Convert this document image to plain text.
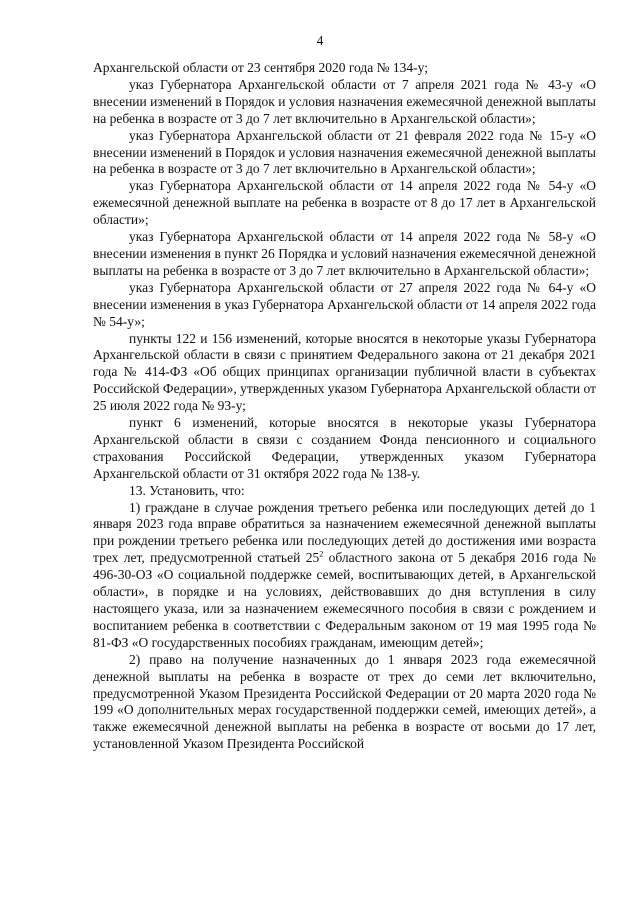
4

Архангельской области от 23 сентября 2020 года № 134-у;

указ Губернатора Архангельской области от 7 апреля 2021 года № 43-у «О внесении изменений в Порядок и условия назначения ежемесячной денежной выплаты на ребенка в возрасте от 3 до 7 лет включительно в Архангельской области»;

указ Губернатора Архангельской области от 21 февраля 2022 года № 15-у «О внесении изменений в Порядок и условия назначения ежемесячной денежной выплаты на ребенка в возрасте от 3 до 7 лет включительно в Архангельской области»;

указ Губернатора Архангельской области от 14 апреля 2022 года № 54-у «О ежемесячной денежной выплате на ребенка в возрасте от 8 до 17 лет в Архангельской области»;

указ Губернатора Архангельской области от 14 апреля 2022 года № 58-у «О внесении изменения в пункт 26 Порядка и условий назначения ежемесячной денежной выплаты на ребенка в возрасте от 3 до 7 лет включительно в Архангельской области»;

указ Губернатора Архангельской области от 27 апреля 2022 года № 64-у «О внесении изменения в указ Губернатора Архангельской области от 14 апреля 2022 года № 54-у»;

пункты 122 и 156 изменений, которые вносятся в некоторые указы Губернатора Архангельской области в связи с принятием Федерального закона от 21 декабря 2021 года № 414-ФЗ «Об общих принципах организации публичной власти в субъектах Российской Федерации», утвержденных указом Губернатора Архангельской области от 25 июля 2022 года № 93-у;

пункт 6 изменений, которые вносятся в некоторые указы Губернатора Архангельской области в связи с созданием Фонда пенсионного и социального страхования Российской Федерации, утвержденных указом Губернатора Архангельской области от 31 октября 2022 года № 138-у.

13. Установить, что:

1) граждане в случае рождения третьего ребенка или последующих детей до 1 января 2023 года вправе обратиться за назначением ежемесячной денежной выплаты при рождении третьего ребенка или последующих детей до достижения ими возраста трех лет, предусмотренной статьей $25^2$ областного закона от 5 декабря 2016 года № 496-30-ОЗ «О социальной поддержке семей, воспитывающих детей, в Архангельской области», в порядке и на условиях, действовавших до дня вступления в силу настоящего указа, или за назначением ежемесячного пособия в связи с рождением и воспитанием ребенка в соответствии с Федеральным законом от 19 мая 1995 года № 81-ФЗ «О государственных пособиях гражданам, имеющим детей»;

2) право на получение назначенных до 1 января 2023 года ежемесячной денежной выплаты на ребенка в возрасте от трех до семи лет включительно, предусмотренной Указом Президента Российской Федерации от 20 марта 2020 года № 199 «О дополнительных мерах государственной поддержки семей, имеющих детей», а также ежемесячной денежной выплаты на ребенка в возрасте от восьми до 17 лет, установленной Указом Президента Российской
